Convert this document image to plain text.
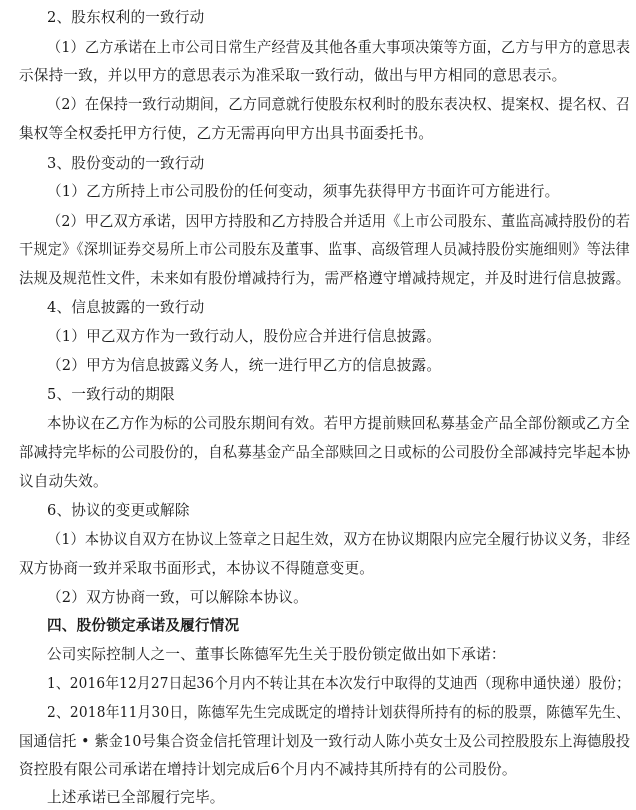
2、股东权利的一致行动
（1）乙方承诺在上市公司日常生产经营及其他各重大事项决策等方面，乙方与甲方的意思表
示保持一致，并以甲方的意思表示为准采取一致行动，做出与甲方相同的意思表示。
（2）在保持一致行动期间，乙方同意就行使股东权利时的股东表决权、提案权、提名权、召
集权等全权委托甲方行使，乙方无需再向甲方出具书面委托书。
3、股份变动的一致行动
（1）乙方所持上市公司股份的任何变动，须事先获得甲方书面许可方能进行。
（2）甲乙双方承诺，因甲方持股和乙方持股合并适用《上市公司股东、董监高减持股份的若
干规定》《深圳证券交易所上市公司股东及董事、监事、高级管理人员减持股份实施细则》等法律
法规及规范性文件，未来如有股份增减持行为，需严格遵守增减持规定，并及时进行信息披露。
4、信息披露的一致行动
（1）甲乙双方作为一致行动人，股份应合并进行信息披露。
（2）甲方为信息披露义务人，统一进行甲乙方的信息披露。
5、一致行动的期限
本协议在乙方作为标的公司股东期间有效。若甲方提前赎回私募基金产品全部份额或乙方全
部减持完毕标的公司股份的，自私募基金产品全部赎回之日或标的公司股份全部减持完毕起本协
议自动失效。
6、协议的变更或解除
（1）本协议自双方在协议上签章之日起生效，双方在协议期限内应完全履行协议义务，非经
双方协商一致并采取书面形式，本协议不得随意变更。
（2）双方协商一致，可以解除本协议。
四、股份锁定承诺及履行情况
公司实际控制人之一、董事长陈德军先生关于股份锁定做出如下承诺：
1、2016年12月27日起36个月内不转让其在本次发行中取得的艾迪西（现称申通快递）股份；
2、2018年11月30日，陈德军先生完成既定的增持计划获得所持有的标的股票，陈德军先生、
国通信托 • 紫金10号集合资金信托管理计划及一致行动人陈小英女士及公司控股股东上海德殷投
资控股有限公司承诺在增持计划完成后6个月内不减持其所持有的公司股份。
上述承诺已全部履行完毕。
